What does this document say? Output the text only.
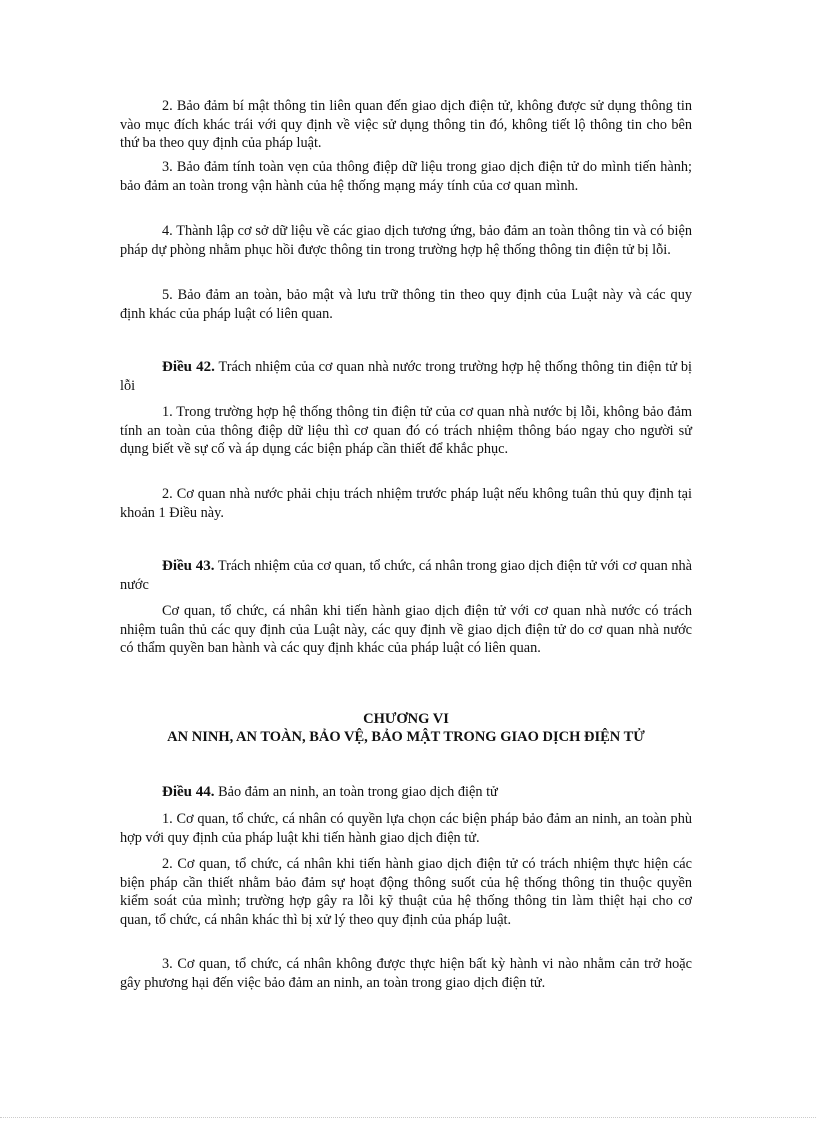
2. Bảo đảm bí mật thông tin liên quan đến giao dịch điện tử, không được sử dụng thông tin vào mục đích khác trái với quy định về việc sử dụng thông tin đó, không tiết lộ thông tin cho bên thứ ba theo quy định của pháp luật.

3. Bảo đảm tính toàn vẹn của thông điệp dữ liệu trong giao dịch điện tử do mình tiến hành; bảo đảm an toàn trong vận hành của hệ thống mạng máy tính của cơ quan mình.

4. Thành lập cơ sở dữ liệu về các giao dịch tương ứng, bảo đảm an toàn thông tin và có biện pháp dự phòng nhằm phục hồi được thông tin trong trường hợp hệ thống thông tin điện tử bị lỗi.

5. Bảo đảm an toàn, bảo mật và lưu trữ thông tin theo quy định của Luật này và các quy định khác của pháp luật có liên quan.

Điều 42. Trách nhiệm của cơ quan nhà nước trong trường hợp hệ thống thông tin điện tử bị lỗi

1. Trong trường hợp hệ thống thông tin điện tử của cơ quan nhà nước bị lỗi, không bảo đảm tính an toàn của thông điệp dữ liệu thì cơ quan đó có trách nhiệm thông báo ngay cho người sử dụng biết về sự cố và áp dụng các biện pháp cần thiết để khắc phục.

2. Cơ quan nhà nước phải chịu trách nhiệm trước pháp luật nếu không tuân thủ quy định tại khoản 1 Điều này.

Điều 43. Trách nhiệm của cơ quan, tổ chức, cá nhân trong giao dịch điện tử với cơ quan nhà nước

Cơ quan, tổ chức, cá nhân khi tiến hành giao dịch điện tử với cơ quan nhà nước có trách nhiệm tuân thủ các quy định của Luật này, các quy định về giao dịch điện tử do cơ quan nhà nước có thẩm quyền ban hành và các quy định khác của pháp luật có liên quan.

CHƯƠNG VI
AN NINH, AN TOÀN, BẢO VỆ, BẢO MẬT TRONG GIAO DỊCH ĐIỆN TỬ

Điều 44. Bảo đảm an ninh, an toàn trong giao dịch điện tử

1. Cơ quan, tổ chức, cá nhân có quyền lựa chọn các biện pháp bảo đảm an ninh, an toàn phù hợp với quy định của pháp luật khi tiến hành giao dịch điện tử.

2. Cơ quan, tổ chức, cá nhân khi tiến hành giao dịch điện tử có trách nhiệm thực hiện các biện pháp cần thiết nhằm bảo đảm sự hoạt động thông suốt của hệ thống thông tin thuộc quyền kiểm soát của mình; trường hợp gây ra lỗi kỹ thuật của hệ thống thông tin làm thiệt hại cho cơ quan, tổ chức, cá nhân khác thì bị xử lý theo quy định của pháp luật.

3. Cơ quan, tổ chức, cá nhân không được thực hiện bất kỳ hành vi nào nhằm cản trở hoặc gây phương hại đến việc bảo đảm an ninh, an toàn trong giao dịch điện tử.
